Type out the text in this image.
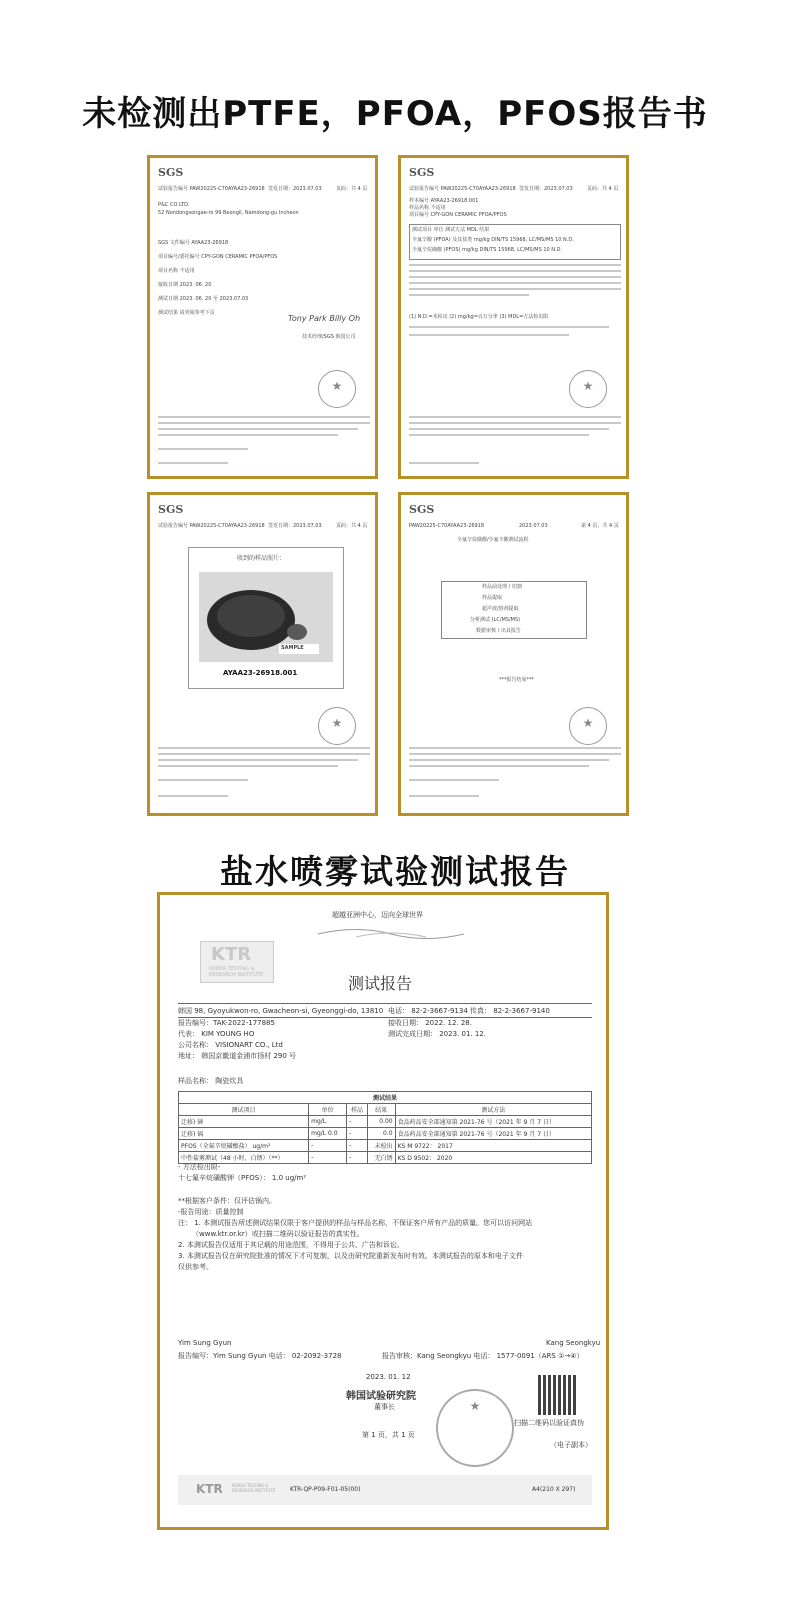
未检测出PTFE，PFOA，PFOS报告书
SGS
试验报告编号 PAW20225-C70AYAA23-26918 签发日期：2023.07.03	页码：共 4 页
P&C CO LTD.
52 Nondongsongae-ro 99 Beongil, Namdong-gu Incheon
SGS 文件编号 AYAA23-26918
项目编号/委托编号 CPY-GON CERAMIC PFOA/PFOS
项目名称 不适用
接收日期 2023. 06. 20
测试日期 2023. 06. 20 至 2023.07.03
测试结果 请查阅参考下页
Tony Park Billy Oh
技术经理/SGS 韩国公司
★
SGS
试验报告编号 PAW20225-C70AYAA23-26918 签发日期：2023.07.03	页码：共 4 页
样本编号 AYAA23-26918.001
样品名称 不适用
项目编号 CPY-GON CERAMIC PFOA/PFOS
测试项目 单位 测试方法 MDL 结果
全氟辛酸 (PFOA) 及其盐类 mg/kg DIN/TS 15968, LC/MS/MS 10 N.D.
全氟辛烷磺酸 (PFOS) mg/kg DIN/TS 15968, LC/MS/MS 10 N.D.
(1) N.D.=未检出 (2) mg/kg=百万分率 (3) MDL=方法检出限
★
SGS
试验报告编号 PAW20225-C70AYAA23-26918 签发日期：2023.07.03	页码：共 4 页
收到的样品照片：
SAMPLE
AYAA23-26918.001
★
SGS
PAW20225-C70AYAA23-26918	2023.07.03	第 4 页，共 4 页
全氟辛烷磺酸/全氟辛酸测试流程
样品前处理 / 切割
样品提取
超声波/溶剂提取
分析测试 (LC/MS/MS)
数据审核 / 出具报告
***报告结束***
★
盐水喷雾试验测试报告
超越亚洲中心，迈向全球世界
KTR
KOREA TESTING & RESEARCH INSTITUTE	测试报告
韩国 98, Gyoyukwon-ro, Gwacheon-si, Gyeonggi-do, 13810 电话： 82-2-3667-9134 传真： 82-2-3667-9140
报告编号：TAK-2022-177885	接收日期： 2022. 12. 28.
代表： KIM YOUNG HO	测试完成日期： 2023. 01. 12.
公司名称： VISIONART CO., Ltd
地址： 韩国京畿道金浦市扬村 290 号
样品名称： 陶瓷炊具
测试结果				
测试项目	单位	样品	结果	测试方法
迁移) 砷	mg/L	-	0.00	食品药品安全部通知第 2021-76 号（2021 年 9 月 7 日）
迁移) 镉	mg/L 0.0	-	0.0	食品药品安全部通知第 2021-76 号（2021 年 9 月 7 日）
PFOS（全氟辛烷磺酸盐） ug/m²	-	-	未检出	KS M 9722： 2017
中性盐雾测试（48 小时，白锈）（**）	-	-	无白锈	KS D 9502： 2020
- 方法检出限-
十七氟辛烷磺酸钾（PFOS）： 1.0 ug/m²
**根据客户条件：仅评估锅内。
-报告用途：质量控制
注： 1. 本测试报告所述测试结果仅限于客户提供的样品与样品名称，不保证客户所有产品的质量。您可以访问网站
（www.ktr.or.kr）或扫描二维码以验证报告的真实性。
2. 本测试报告仅适用于其记载的用途范围，不得用于公共、广告和诉讼。
3. 本测试报告仅在研究院批准的情况下才可复制，以及由研究院重新发布时有效。本测试报告的原本和电子文件
仅供参考。
Yim Sung Gyun	Kang Seongkyu
报告编写：Yim Sung Gyun 电话： 02-2092-3728	报告审核：Kang Seongkyu 电话： 1577-0091（ARS ①→④）
2023. 01. 12
韩国试验研究院
董事长
第 1 页，共 1 页
★
扫描二维码以验证真伪
（电子副本）
KTR KOREA TESTING & RESEARCH INSTITUTE	KTR-QP-P09-F01-05(00)	A4(210 X 297)
